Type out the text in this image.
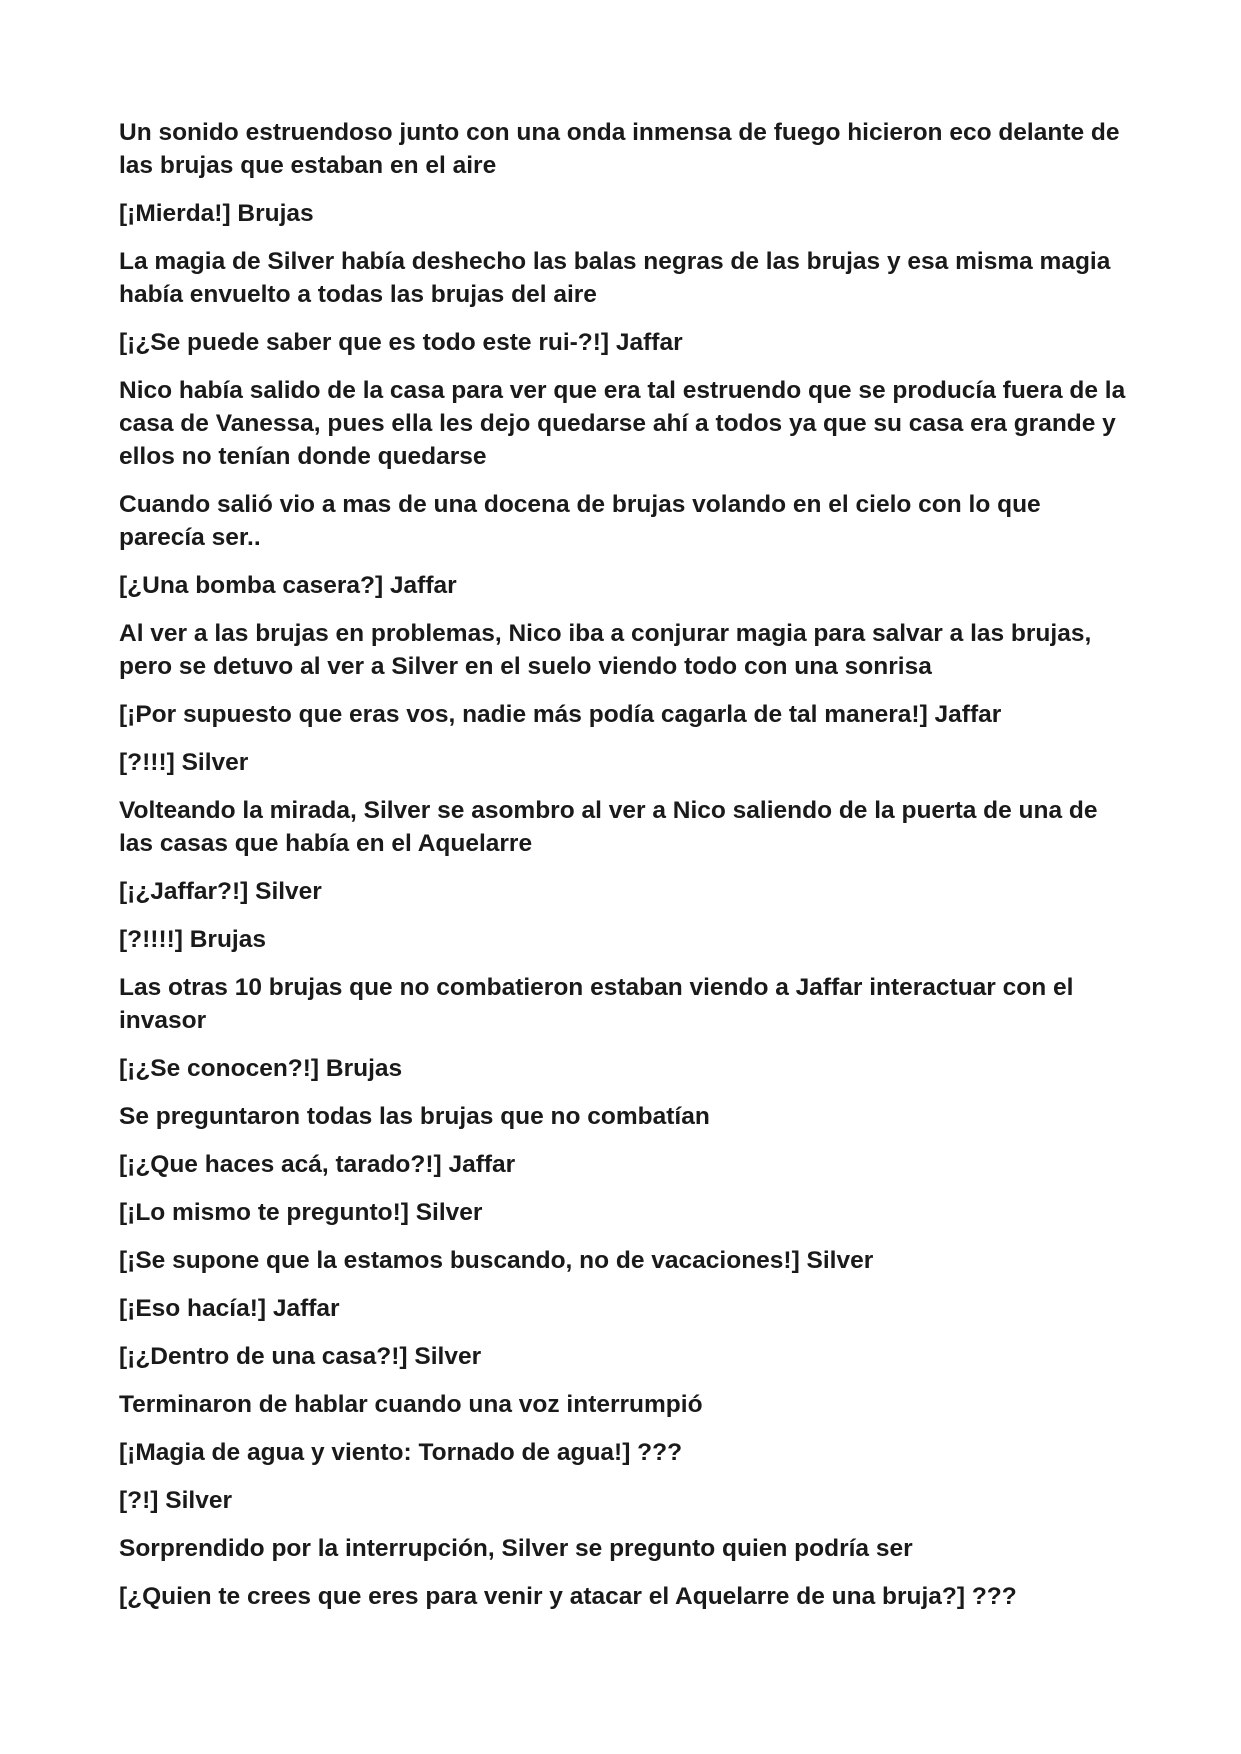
Un sonido estruendoso junto con una onda inmensa de fuego hicieron eco delante de las brujas que estaban en el aire

[¡Mierda!] Brujas

La magia de Silver había deshecho las balas negras de las brujas y esa misma magia había envuelto a todas las brujas del aire

[¡¿Se puede saber que es todo este rui-?!] Jaffar

Nico había salido de la casa para ver que era tal estruendo que se producía fuera de la casa de Vanessa, pues ella les dejo quedarse ahí a todos ya que su casa era grande y ellos no tenían donde quedarse

Cuando salió vio a mas de una docena de brujas volando en el cielo con lo que parecía ser..

[¿Una bomba casera?] Jaffar

Al ver a las brujas en problemas, Nico iba a conjurar magia para salvar a las brujas, pero se detuvo al ver a Silver en el suelo viendo todo con una sonrisa

[¡Por supuesto que eras vos, nadie más podía cagarla de tal manera!] Jaffar

[?!!!] Silver

Volteando la mirada, Silver se asombro al ver a Nico saliendo de la puerta de una de las casas que había en el Aquelarre

[¡¿Jaffar?!] Silver

[?!!!!] Brujas

Las otras 10 brujas que no combatieron estaban viendo a Jaffar interactuar con el invasor

[¡¿Se conocen?!] Brujas

Se preguntaron todas las brujas que no combatían

[¡¿Que haces acá, tarado?!] Jaffar

[¡Lo mismo te pregunto!] Silver

[¡Se supone que la estamos buscando, no de vacaciones!] Silver

[¡Eso hacía!] Jaffar

[¡¿Dentro de una casa?!] Silver

Terminaron de hablar cuando una voz interrumpió

[¡Magia de agua y viento: Tornado de agua!] ???

[?!] Silver

Sorprendido por la interrupción, Silver se pregunto quien podría ser

[¿Quien te crees que eres para venir y atacar el Aquelarre de una bruja?] ???
